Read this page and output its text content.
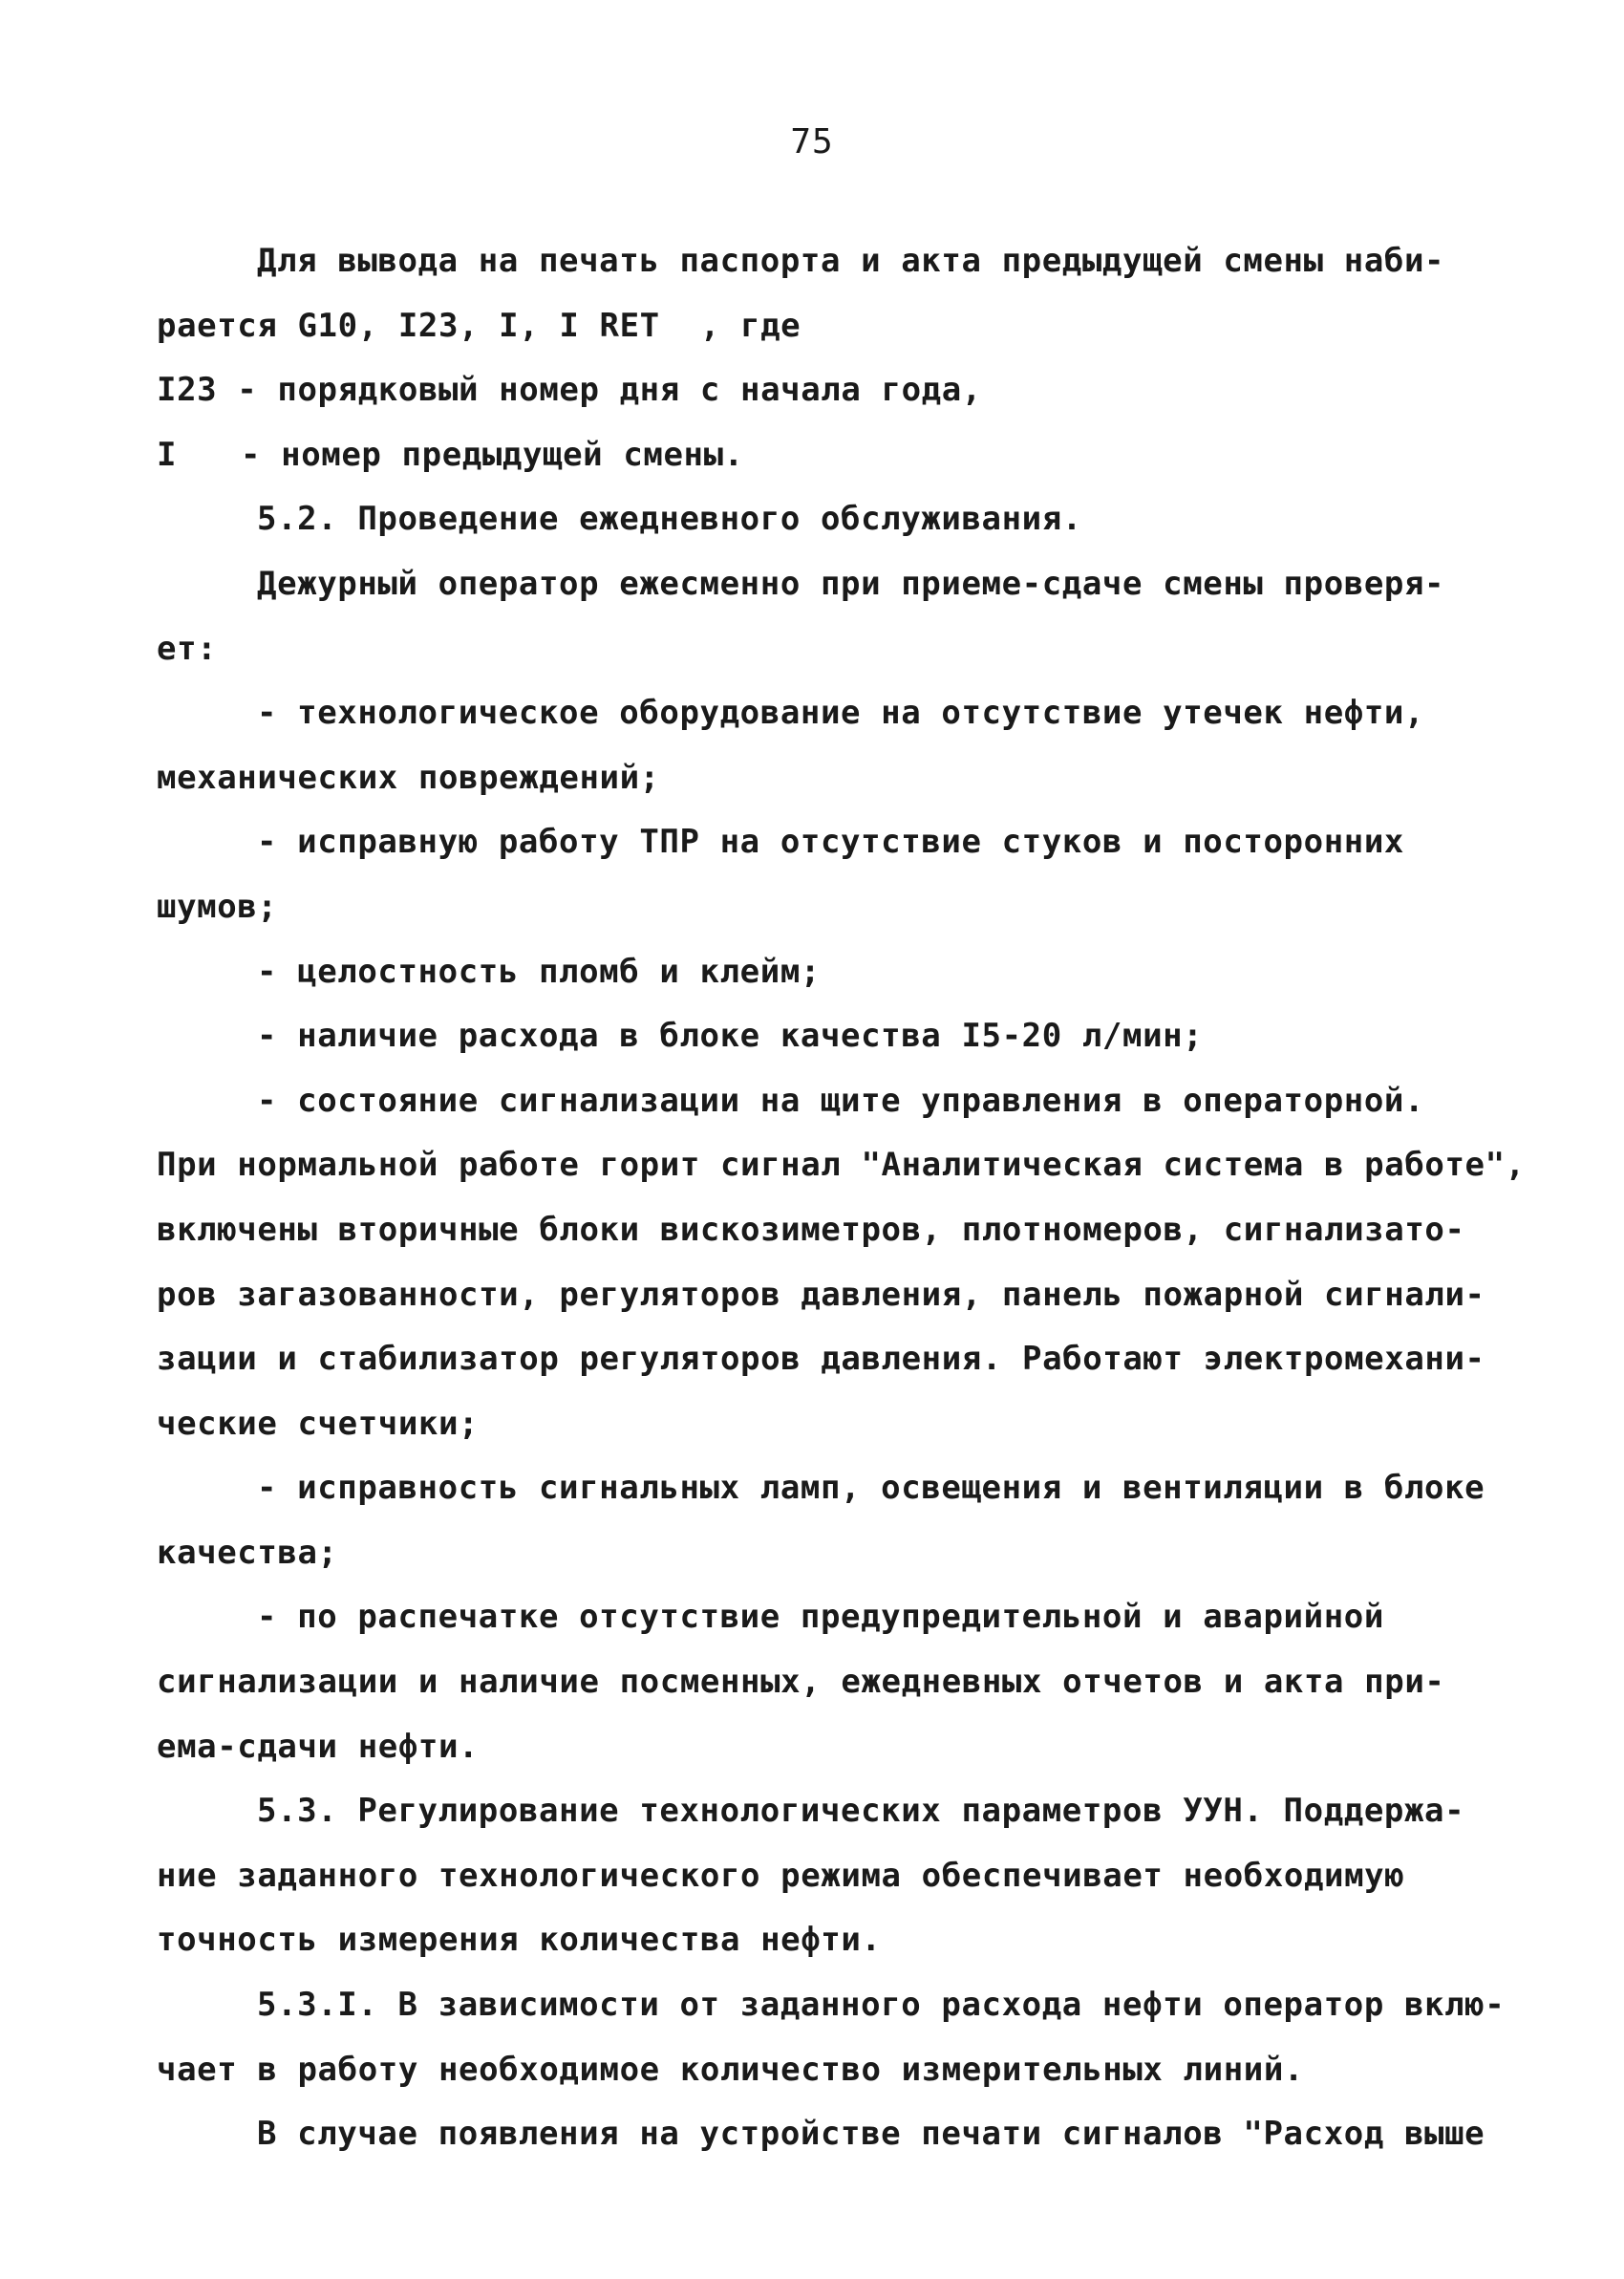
75
Для вывода на печать паспорта и акта предыдущей смены наби-
рается G10, I23, I, I RET  , где
I23 - порядковый номер дня с начала года,
I - номер предыдущей смены.
5.2. Проведение ежедневного обслуживания.
Дежурный оператор ежесменно при приеме-сдаче смены проверя-
ет:
- технологическое оборудование на отсутствие утечек нефти,
механических повреждений;
- исправную работу ТПР на отсутствие стуков и посторонних
шумов;
- целостность пломб и клейм;
- наличие расхода в блоке качества I5-20 л/мин;
- состояние сигнализации на щите управления в операторной.
При нормальной работе горит сигнал "Аналитическая система в работе",
включены вторичные блоки вискозиметров, плотномеров, сигнализато-
ров загазованности, регуляторов давления, панель пожарной сигнали-
зации и стабилизатор регуляторов давления. Работают электромехани-
ческие счетчики;
- исправность сигнальных ламп, освещения и вентиляции в блоке
качества;
- по распечатке отсутствие предупредительной и аварийной
сигнализации и наличие посменных, ежедневных отчетов и акта при-
ема-сдачи нефти.
5.3. Регулирование технологических параметров УУН. Поддержа-
ние заданного технологического режима обеспечивает необходимую
точность измерения количества нефти.
5.3.I. В зависимости от заданного расхода нефти оператор вклю-
чает в работу необходимое количество измерительных линий.
В случае появления на устройстве печати сигналов "Расход выше
